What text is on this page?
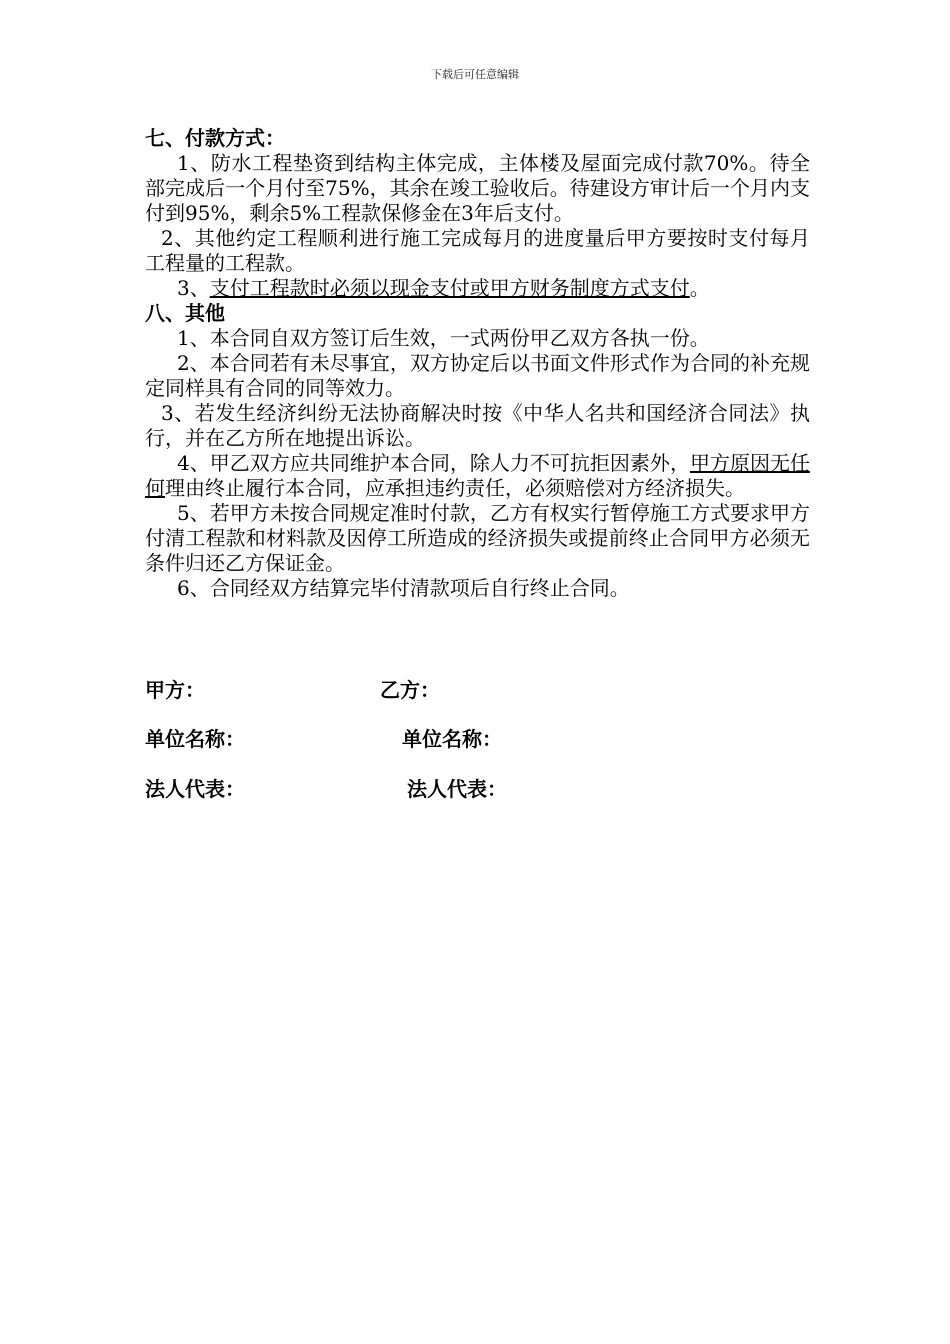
下载后可任意编辑

七、付款方式：

1、防水工程垫资到结构主体完成，主体楼及屋面完成付款70%。待全部完成后一个月付至75%，其余在竣工验收后。待建设方审计后一个月内支付到95%，剩余5%工程款保修金在3年后支付。

2、其他约定工程顺利进行施工完成每月的进度量后甲方要按时支付每月工程量的工程款。

3、支付工程款时必须以现金支付或甲方财务制度方式支付。

八、其他

1、本合同自双方签订后生效，一式两份甲乙双方各执一份。

2、本合同若有未尽事宜，双方协定后以书面文件形式作为合同的补充规定同样具有合同的同等效力。

3、若发生经济纠纷无法协商解决时按《中华人名共和国经济合同法》执行，并在乙方所在地提出诉讼。

4、甲乙双方应共同维护本合同，除人力不可抗拒因素外，甲方原因无任何理由终止履行本合同，应承担违约责任，必须赔偿对方经济损失。

5、若甲方未按合同规定准时付款，乙方有权实行暂停施工方式要求甲方付清工程款和材料款及因停工所造成的经济损失或提前终止合同甲方必须无条件归还乙方保证金。

6、合同经双方结算完毕付清款项后自行终止合同。

甲方：	乙方：
单位名称：	单位名称：
法人代表：	法人代表：
